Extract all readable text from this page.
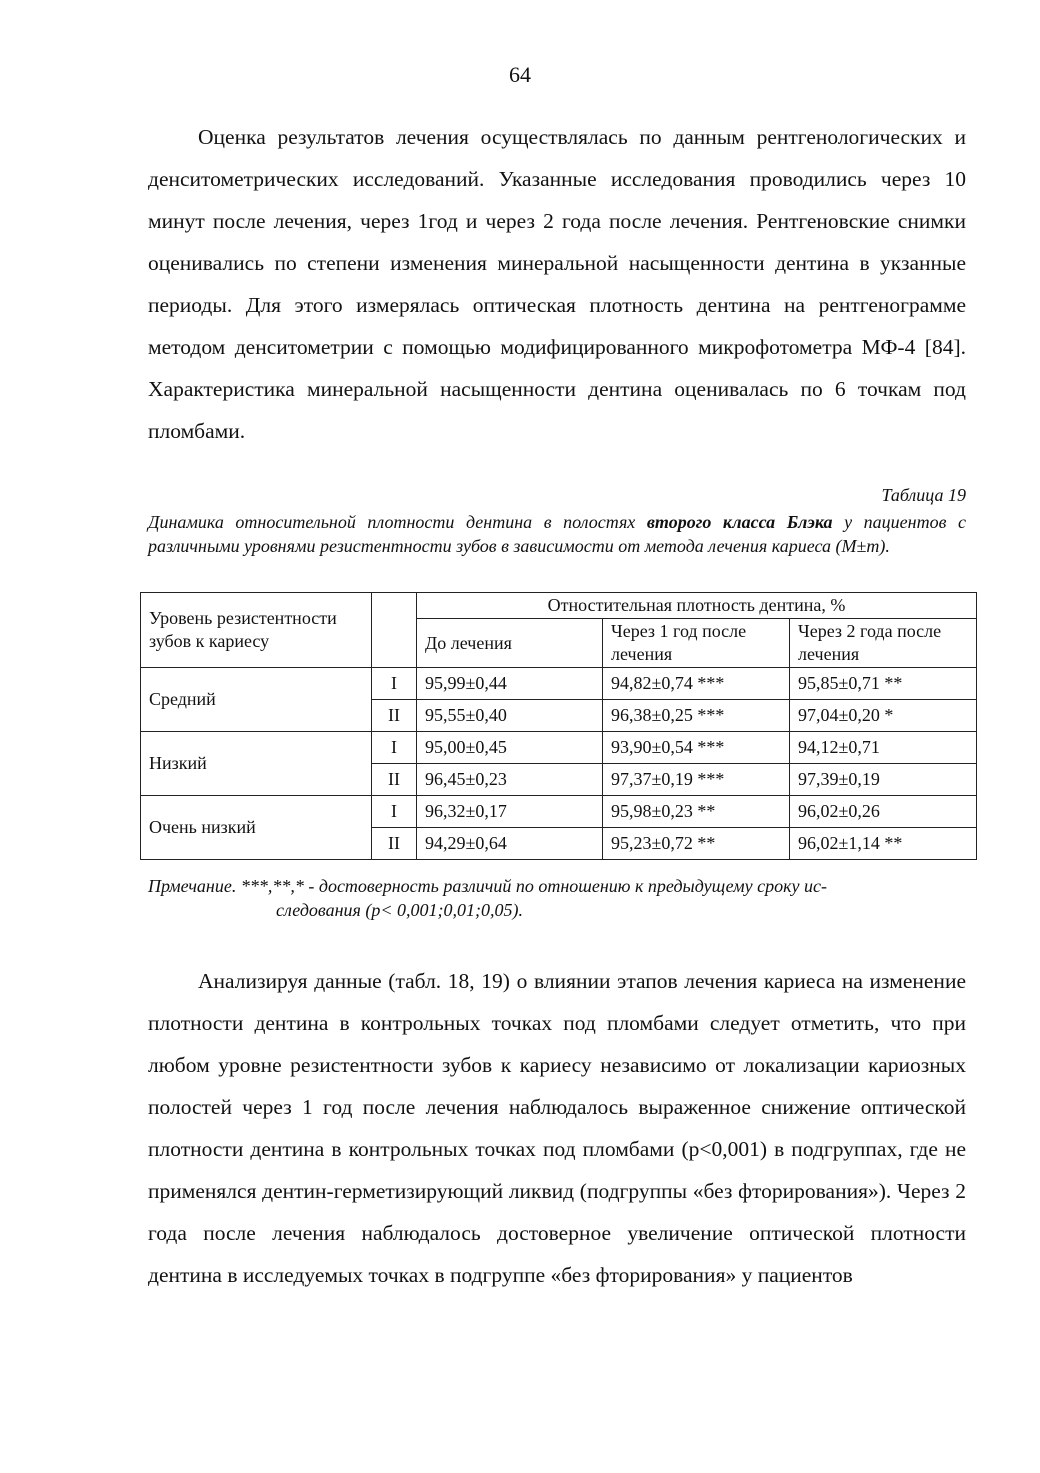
64

Оценка результатов лечения осуществлялась по данным рентгенологических и денситометрических исследований. Указанные исследования проводились через 10 минут после лечения, через 1год и через 2 года после лечения. Рентгеновские снимки оценивались по степени изменения минеральной насыщенности дентина в укзанные периоды. Для этого измерялась оптическая плотность дентина на рентгенограмме методом денситометрии с помощью модифицированного микрофотометра МФ-4 [84]. Характеристика минеральной насыщенности дентина оценивалась по 6 точкам под пломбами.

Таблица 19

Динамика относительной плотности дентина в полостях второго класса Блэка у пациентов с различными уровнями резистентности зубов в зависимости от метода лечения кариеса (M±m).

Уровень резистентности зубов к кариесу		Отностительная плотность дентина, %		
		До лечения	Через 1 год после лечения	Через 2 года после лечения
Средний	I	95,99±0,44	94,82±0,74 ***	95,85±0,71 **
	II	95,55±0,40	96,38±0,25 ***	97,04±0,20 *
Низкий	I	95,00±0,45	93,90±0,54 ***	94,12±0,71
	II	96,45±0,23	97,37±0,19 ***	97,39±0,19
Очень низкий	I	96,32±0,17	95,98±0,23 **	96,02±0,26
	II	94,29±0,64	95,23±0,72 **	96,02±1,14 **

Прмечание. ***,**,* - достоверность различий по отношению к предыдущему сроку ис-
следования (р< 0,001;0,01;0,05).

Анализируя данные (табл. 18, 19) о влиянии этапов лечения кариеса на изменение плотности дентина в контрольных точках под пломбами следует отметить, что при любом уровне резистентности зубов к кариесу независимо от локализации кариозных полостей через 1 год после лечения наблюдалось выраженное снижение оптической плотности дентина в контрольных точках под пломбами (р<0,001) в подгруппах, где не применялся дентин-герметизирующий ликвид (подгруппы «без фторирования»). Через 2 года после лечения наблюдалось достоверное увеличение оптической плотности дентина в исследуемых точках в подгруппе «без фторирования» у пациентов
